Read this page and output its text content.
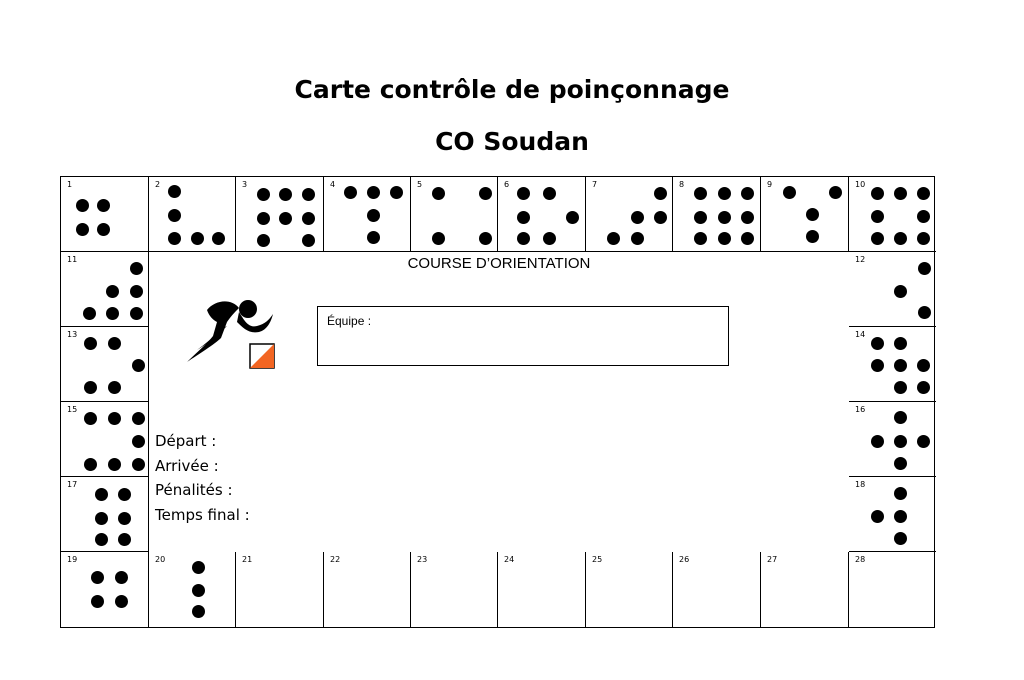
Carte contrôle de poinçonnage
CO Soudan
COURSE D’ORIENTATION
Équipe :
Départ :
Arrivée :
Pénalités :
Temps final :
1	2	3	4	5	6	7	8	9	10
11	12
13	14
15	16
17	18
19	20	21	22	23	24	25	26	27	28
